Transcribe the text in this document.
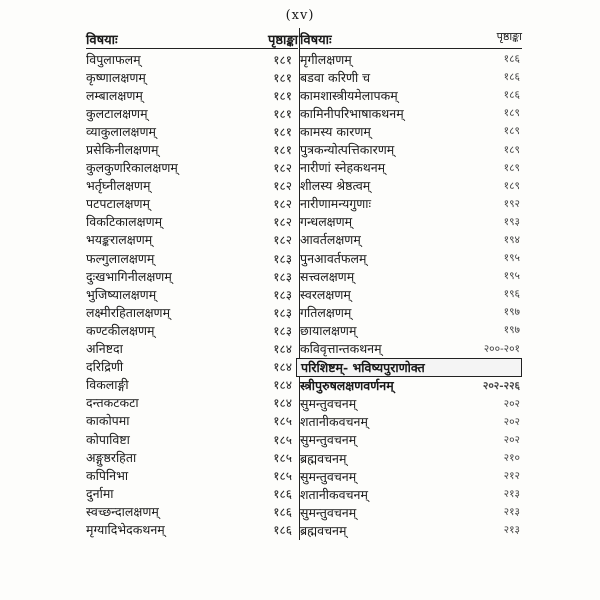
(xv)
विषयाः	पृष्ठाङ्का
विपुलाफलम्	१८१
कृष्णालक्षणम्	१८१
लम्बालक्षणम्	१८१
कुलटालक्षणम्	१८१
व्याकुलालक्षणम्	१८१
प्रसेकिनीलक्षणम्	१८१
कुलकुणरिकालक्षणम्	१८२
भर्तृघ्नीलक्षणम्	१८२
पटपटालक्षणम्	१८२
विकटिकालक्षणम्	१८२
भयङ्करालक्षणम्	१८२
फल्गुलालक्षणम्	१८३
दुःखभागिनीलक्षणम्	१८३
भुजिष्यालक्षणम्	१८३
लक्ष्मीरहितालक्षणम्	१८३
कण्टकीलक्षणम्	१८३
अनिष्टदा	१८४
दरिद्रिणी	१८४
विकलाङ्गी	१८४
दन्तकटकटा	१८४
काकोपमा	१८५
कोपाविष्टा	१८५
अङ्गुष्ठरहिता	१८५
कपिनिभा	१८५
दुर्नामा	१८६
स्वच्छन्दालक्षणम्	१८६
मृग्यादिभेदकथनम्	१८६
विषयाः	पृष्ठाङ्का
मृगीलक्षणम्	१८६
बडवा करिणी च	१८६
कामशास्त्रीयमेलापकम्	१८६
कामिनीपरिभाषाकथनम्	१८९
कामस्य कारणम्	१८९
पुत्रकन्योत्पत्तिकारणम्	१८९
नारीणां स्नेहकथनम्	१८९
शीलस्य श्रेष्ठत्वम्	१८९
नारीणामन्यगुणाः	१९२
गन्धलक्षणम्	१९३
आवर्तलक्षणम्	१९४
पुनआवर्तफलम्	१९५
सत्त्वलक्षणम्	१९५
स्वरलक्षणम्	१९६
गतिलक्षणम्	१९७
छायालक्षणम्	१९७
कविवृत्तान्तकथनम्	२००-२०१
परिशिष्टम्- भविष्यपुराणोक्त
स्त्रीपुरुषलक्षणवर्णनम्	२०२-२२६
सुमन्तुवचनम्	२०२
शतानीकवचनम्	२०२
सुमन्तुवचनम्	२०२
ब्रह्मवचनम्	२१०
सुमन्तुवचनम्	२१२
शतानीकवचनम्	२१३
सुमन्तुवचनम्	२१३
ब्रह्मवचनम्	२१३
